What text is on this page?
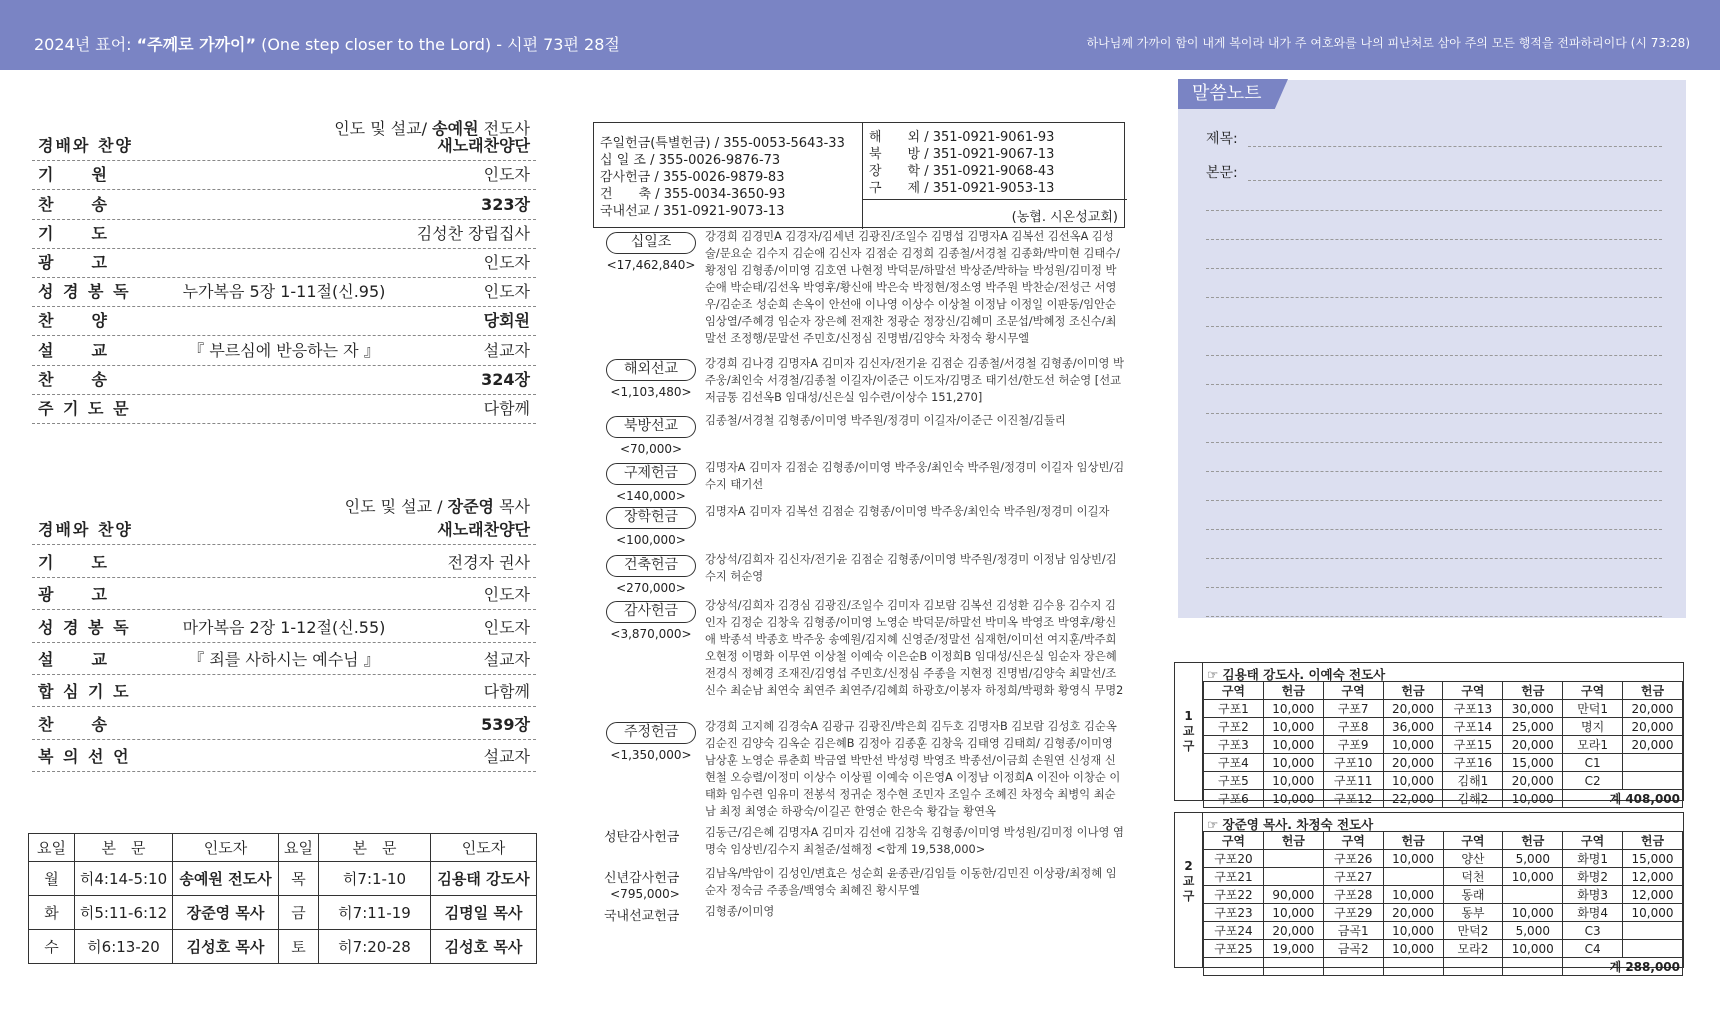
2024년 표어: “주께로 가까이” (One step closer to the Lord) - 시편 73편 28절	하나님께 가까이 함이 내게 복이라 내가 주 여호와를 나의 피난처로 삼아 주의 모든 행적을 전파하리이다 (시 73:28)
주일오후예배 오후 2:30
인도 및 설교/ 송예원 전도사
경배와 찬양	새노래찬양단
기　　원	인도자
찬　　송	323장
기　　도	김성찬 장립집사
광　　고	인도자
성 경 봉 독	누가복음 5장 1-11절(신.95)	인도자
찬　　양	당회원
설　　교	『 부르심에 반응하는 자 』	설교자
찬　　송	324장
주 기 도 문	다함께
수요기도회 오후 7:30
인도 및 설교 / 장준영 목사
경배와 찬양	새노래찬양단
기　　도	전경자 권사
광　　고	인도자
성 경 봉 독	마가복음 2장 1-12절(신.55)	인도자
설　　교	『 죄를 사하시는 예수님 』	설교자
합 심 기 도	다함께
찬　　송	539장
복 의 선 언	설교자
새벽기도회 오전 5:30
요일	본　문	인도자	요일	본　문	인도자
월	히4:14-5:10	송예원 전도사	목	히7:1-10	김용태 강도사
화	히5:11-6:12	장준영 목사	금	히7:11-19	김명일 목사
수	히6:13-20	김성호 목사	토	히7:20-28	김성호 목사
주께 드린 예물
주일헌금(특별헌금) / 355-0053-5643-33
십 일 조 / 355-0026-9876-73
감사헌금 / 355-0026-9879-83
건　　축 / 355-0034-3650-93
국내선교 / 351-0921-9073-13
해　　외 / 351-0921-9061-93
북　　방 / 351-0921-9067-13
장　　학 / 351-0921-9068-43
구　　제 / 351-0921-9053-13
(농협. 시온성교회)
십일조
<17,462,840>
강경희 김경민A 김경자/김세년 김광진/조일수 김명섭 김명자A 김복선 김선옥A 김성술/문요순 김수지 김순애 김신자 김점순 김정희 김종철/서경철 김종화/박미현 김태수/황정임 김형종/이미영 김호연 나현정 박덕문/하말선 박상준/박하늘 박성원/김미정 박순애 박순태/김선옥 박영후/황신애 박은숙 박정현/정소영 박주원 박찬순/전성근 서영우/김순조 성순희 손옥이 안선애 이나영 이상수 이상철 이정남 이정일 이판동/임안순 임상열/주혜경 임순자 장은혜 전재찬 정광순 정장신/김혜미 조문섭/박혜정 조신수/최말선 조정행/문말선 주민호/신정심 진명범/김양숙 차정숙 황시무엘
해외선교
<1,103,480>
강경희 김나경 김명자A 김미자 김신자/전기윤 김점순 김종철/서경철 김형종/이미영 박주웅/최인숙 서경철/김종철 이길자/이준근 이도자/김명조 태기선/한도선 허순영 [선교저금통 김선옥B 임대성/신은실 임수련/이상수 151,270]
북방선교
<70,000>
김종철/서경철 김형종/이미영 박주원/정경미 이길자/이준근 이진철/김둘리
구제헌금
<140,000>
김명자A 김미자 김점순 김형종/이미영 박주웅/최인숙 박주원/정경미 이길자 임상빈/김수지 태기선
장학헌금
<100,000>
김명자A 김미자 김복선 김점순 김형종/이미영 박주웅/최인숙 박주원/정경미 이길자
건축헌금
<270,000>
강상석/김희자 김신자/전기윤 김점순 김형종/이미영 박주원/정경미 이정남 임상빈/김수지 허순영
감사헌금
<3,870,000>
강상석/김희자 김경심 김광진/조일수 김미자 김보람 김복선 김성환 김수용 김수지 김인자 김정순 김창욱 김형종/이미영 노영순 박덕문/하말선 박미옥 박영조 박영후/황신애 박종석 박종호 박주웅 송예원/김지혜 신영준/정말선 심재헌/이미선 여지훈/박주희 오현정 이명화 이무연 이상철 이예숙 이은순B 이정희B 임대성/신은실 임순자 장은혜 전경식 정혜경 조재진/김영섭 주민호/신정심 주종을 지현정 진명범/김양숙 최말선/조신수 최순남 최연숙 최연주 최연주/김혜희 하광호/이봉자 하정희/박평화 황영식 무명2
주정헌금
<1,350,000>
강경희 고지혜 김경숙A 김광규 김광진/박은희 김두호 김명자B 김보람 김성호 김순옥 김순진 김양숙 김옥순 김은혜B 김정아 김종훈 김창욱 김태영 김태희/ 김형종/이미영 남상훈 노영순 류춘희 박금열 박만선 박성령 박영조 박종선/이금희 손원연 신성재 신현철 오승렬/이정미 이상수 이상필 이예숙 이은영A 이정남 이정희A 이진아 이창순 이태화 임수련 임유미 전봉석 정귀순 정수현 조민자 조일수 조혜진 차정숙 최병익 최순남 최정 최영순 하광숙/이길곤 한영순 한은숙 황갑늘 황연옥
성탄감사헌금 김동근/김은혜 김명자A 김미자 김선애 김창욱 김형종/이미영 박성원/김미정 이나영 염명숙 임상빈/김수지 최철준/설해정 <합계 19,538,000>
신년감사헌금
<795,000>
김남옥/박암이 김성인/변효은 성순희 윤종관/김임들 이동한/김민진 이상광/최정혜 임순자 정숙금 주종을/백영숙 최혜진 황시무엘
국내선교헌금 김형종/이미영
말씀노트
제목:
본문:
구역모임
1
교
구
☞ 김용태 강도사. 이예숙 전도사
구역	헌금	구역	헌금	구역	헌금	구역	헌금
구포1	10,000	구포7	20,000	구포13	30,000	만덕1	20,000
구포2	10,000	구포8	36,000	구포14	25,000	명지	20,000
구포3	10,000	구포9	10,000	구포15	20,000	모라1	20,000
구포4	10,000	구포10	20,000	구포16	15,000	C1	
구포5	10,000	구포11	10,000	김해1	20,000	C2	
구포6	10,000	구포12	22,000	김해2	10,000	계 408,000	
2
교
구
☞ 장준영 목사. 차정숙 전도사
구역	헌금	구역	헌금	구역	헌금	구역	헌금
구포20		구포26	10,000	양산	5,000	화명1	15,000
구포21		구포27		덕천	10,000	화명2	12,000
구포22	90,000	구포28	10,000	동래		화명3	12,000
구포23	10,000	구포29	20,000	동부	10,000	화명4	10,000
구포24	20,000	금곡1	10,000	만덕2	5,000	C3	
구포25	19,000	금곡2	10,000	모라2	10,000	C4	
						계 288,000	
